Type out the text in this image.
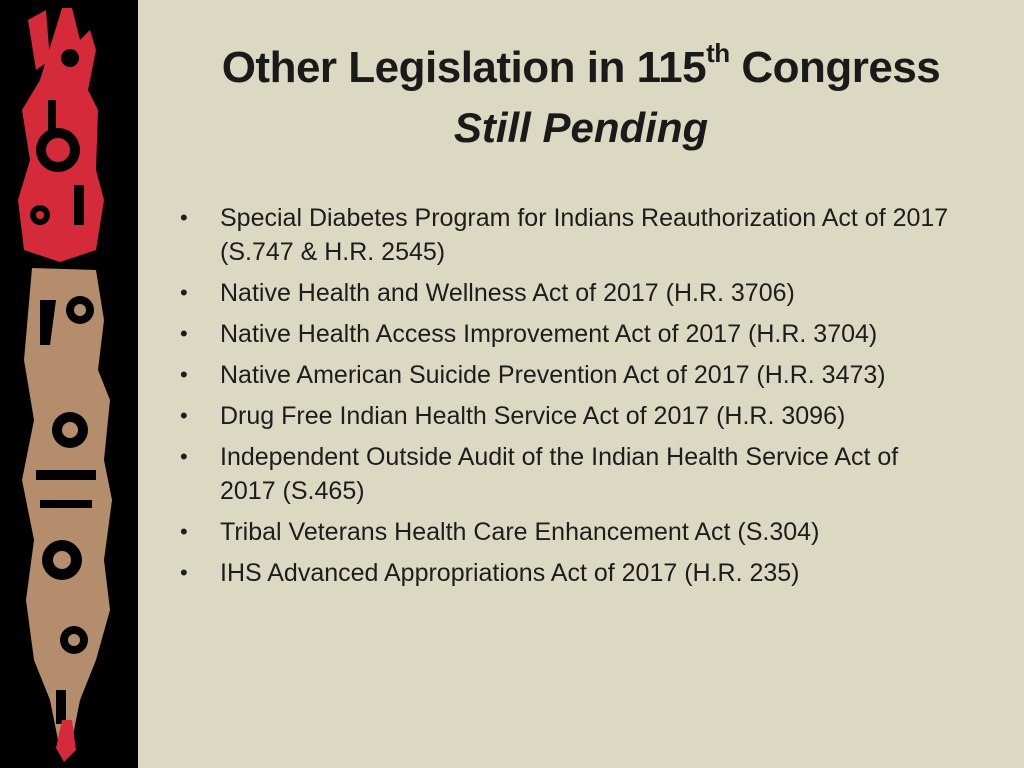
Other Legislation in 115th Congress
Still Pending
• Special Diabetes Program for Indians Reauthorization Act of 2017 (S.747 & H.R. 2545)
• Native Health and Wellness Act of 2017 (H.R. 3706)
• Native Health Access Improvement Act of 2017 (H.R. 3704)
• Native American Suicide Prevention Act of 2017 (H.R. 3473)
• Drug Free Indian Health Service Act of 2017 (H.R. 3096)
• Independent Outside Audit of the Indian Health Service Act of 2017 (S.465)
• Tribal Veterans Health Care Enhancement Act (S.304)
• IHS Advanced Appropriations Act of 2017 (H.R. 235)
